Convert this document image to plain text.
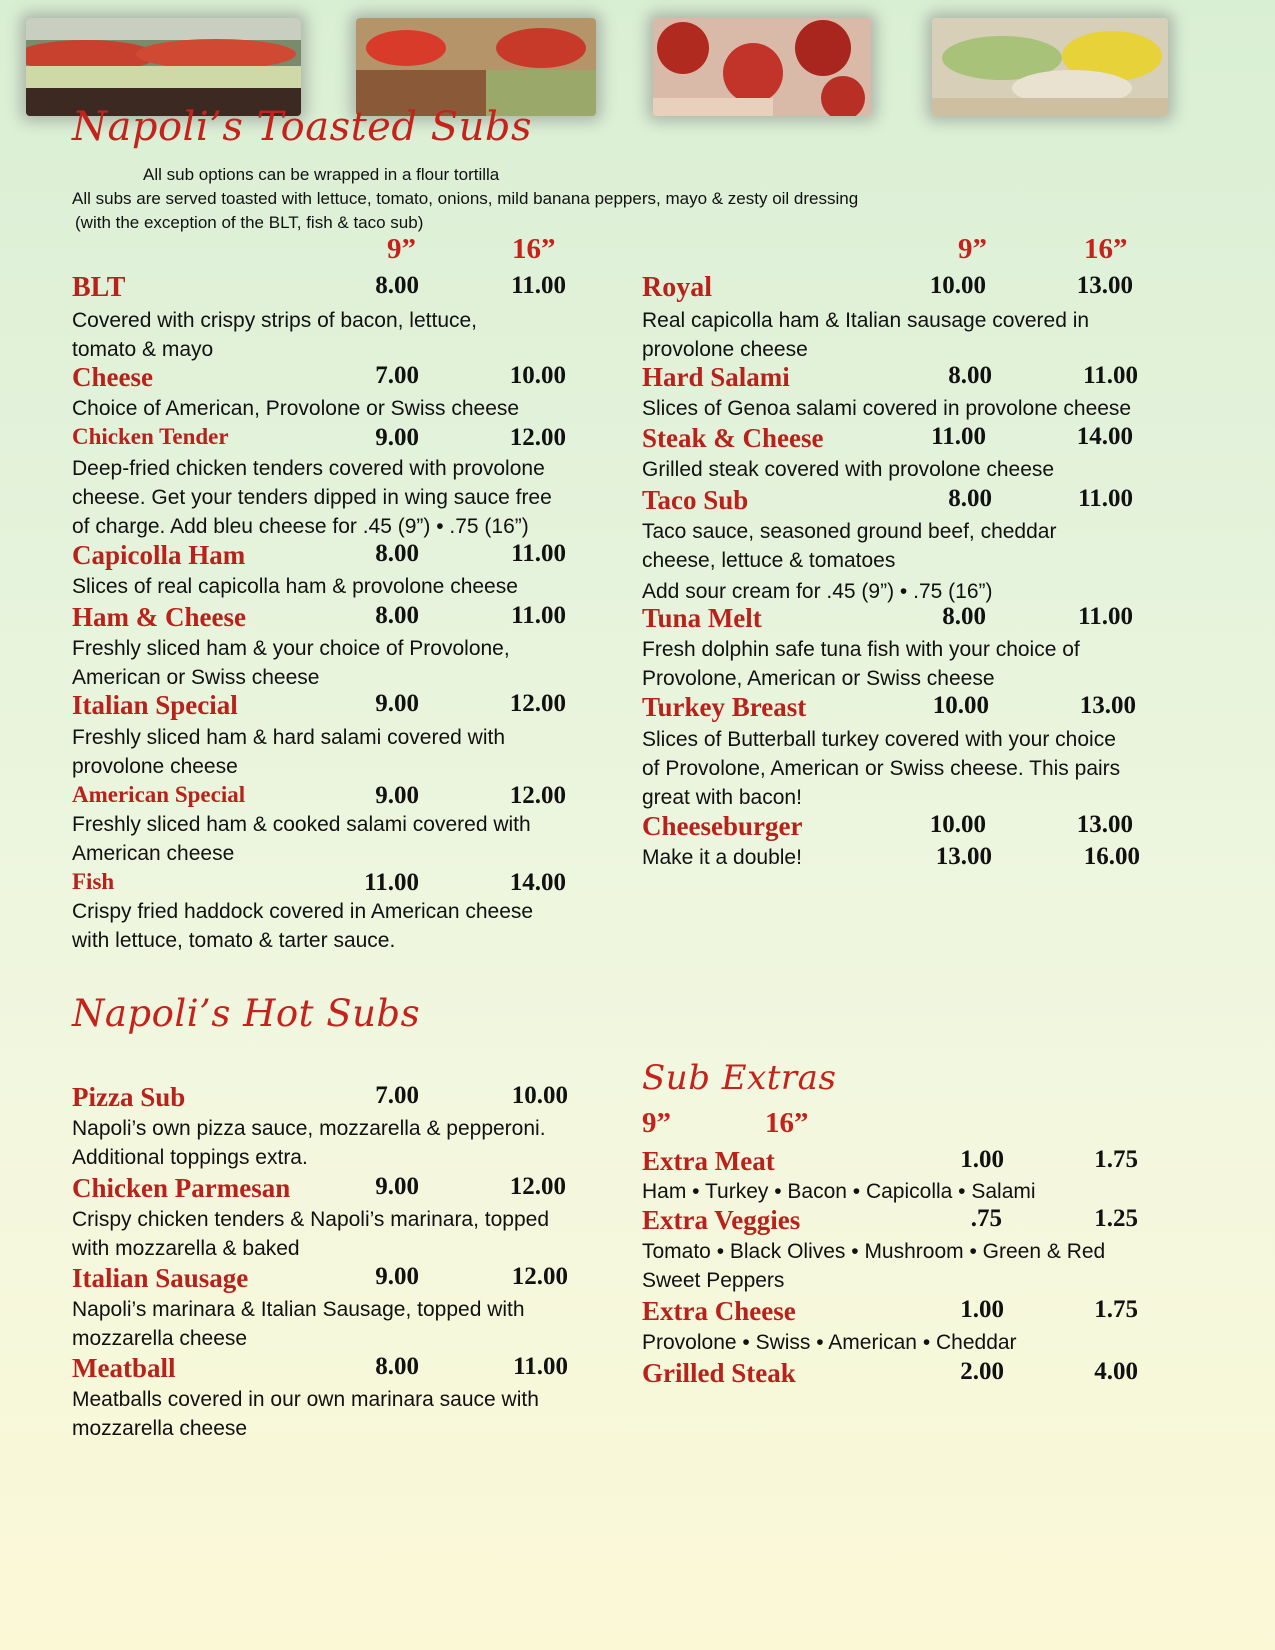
Napoli’s Toasted Subs
All sub options can be wrapped in a flour tortilla
All subs are served toasted with lettuce, tomato, onions, mild banana peppers, mayo & zesty oil dressing
(with the exception of the BLT, fish & taco sub)
9”	16”	9”	16”
BLT	8.00	11.00
Covered with crispy strips of bacon, lettuce,
tomato & mayo
Cheese	7.00	10.00
Choice of American, Provolone or Swiss cheese
Chicken Tender	9.00	12.00
Deep-fried chicken tenders covered with provolone
cheese. Get your tenders dipped in wing sauce free
of charge. Add bleu cheese for .45 (9”) • .75 (16”)
Capicolla Ham	8.00	11.00
Slices of real capicolla ham & provolone cheese
Ham & Cheese	8.00	11.00
Freshly sliced ham & your choice of Provolone,
American or Swiss cheese
Italian Special	9.00	12.00
Freshly sliced ham & hard salami covered with
provolone cheese
American Special	9.00	12.00
Freshly sliced ham & cooked salami covered with
American cheese
Fish	11.00	14.00
Crispy fried haddock covered in American cheese
with lettuce, tomato & tarter sauce.
Royal	10.00	13.00
Real capicolla ham & Italian sausage covered in
provolone cheese
Hard Salami	8.00	11.00
Slices of Genoa salami covered in provolone cheese
Steak & Cheese	11.00	14.00
Grilled steak covered with provolone cheese
Taco Sub	8.00	11.00
Taco sauce, seasoned ground beef, cheddar
cheese, lettuce & tomatoes
Add sour cream for .45 (9”) • .75 (16”)
Tuna Melt	8.00	11.00
Fresh dolphin safe tuna fish with your choice of
Provolone, American or Swiss cheese
Turkey Breast	10.00	13.00
Slices of Butterball turkey covered with your choice
of Provolone, American or Swiss cheese. This pairs
great with bacon!
Cheeseburger	10.00	13.00
Make it a double!	13.00	16.00
Napoli’s Hot Subs
Pizza Sub	7.00	10.00
Napoli’s own pizza sauce, mozzarella & pepperoni.
Additional toppings extra.
Chicken Parmesan	9.00	12.00
Crispy chicken tenders & Napoli’s marinara, topped
with mozzarella & baked
Italian Sausage	9.00	12.00
Napoli’s marinara & Italian Sausage, topped with
mozzarella cheese
Meatball	8.00	11.00
Meatballs covered in our own marinara sauce with
mozzarella cheese
Sub Extras
9”	16”
Extra Meat	1.00	1.75
Ham • Turkey • Bacon • Capicolla • Salami
Extra Veggies	.75	1.25
Tomato • Black Olives • Mushroom • Green & Red
Sweet Peppers
Extra Cheese	1.00	1.75
Provolone • Swiss • American • Cheddar
Grilled Steak	2.00	4.00
